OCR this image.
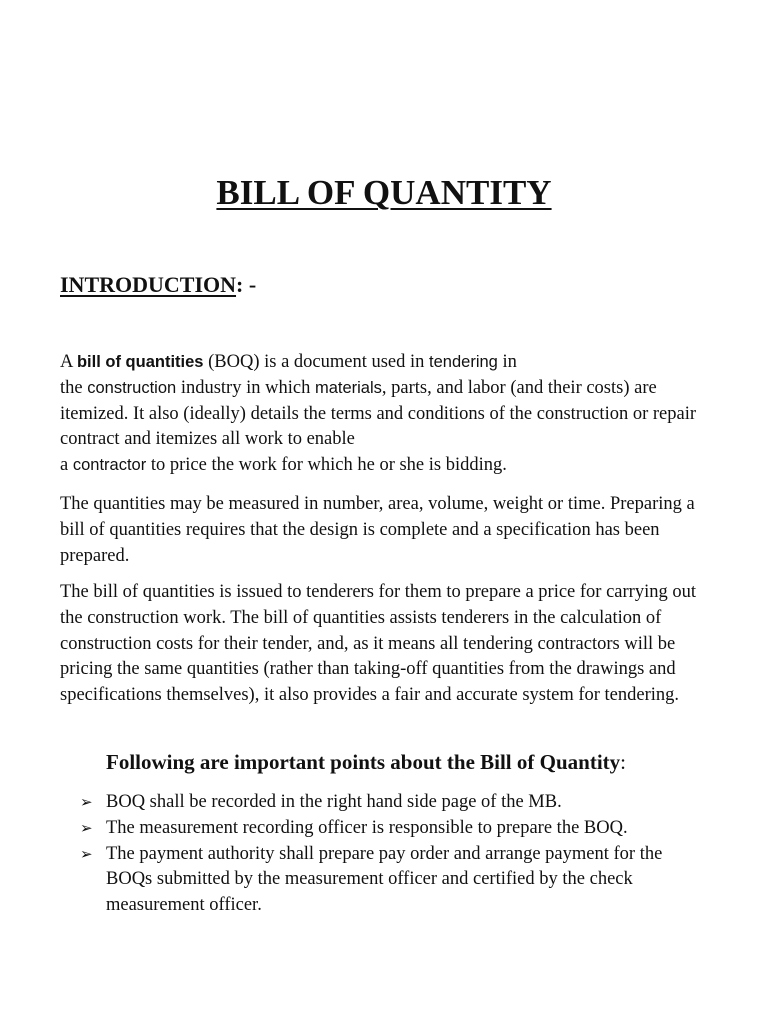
BILL OF QUANTITY
INTRODUCTION: -

A bill of quantities (BOQ) is a document used in tendering in
the construction industry in which materials, parts, and labor (and their costs) are itemized. It also (ideally) details the terms and conditions of the construction or repair contract and itemizes all work to enable
a contractor to price the work for which he or she is bidding.

The quantities may be measured in number, area, volume, weight or time. Preparing a bill of quantities requires that the design is complete and a specification has been prepared.

The bill of quantities is issued to tenderers for them to prepare a price for carrying out the construction work. The bill of quantities assists tenderers in the calculation of construction costs for their tender, and, as it means all tendering contractors will be pricing the same quantities (rather than taking-off quantities from the drawings and specifications themselves), it also provides a fair and accurate system for tendering.

Following are important points about the Bill of Quantity:
➢ BOQ shall be recorded in the right hand side page of the MB.
➢ The measurement recording officer is responsible to prepare the BOQ.
➢ The payment authority shall prepare pay order and arrange payment for the BOQs submitted by the measurement officer and certified by the check measurement officer.
